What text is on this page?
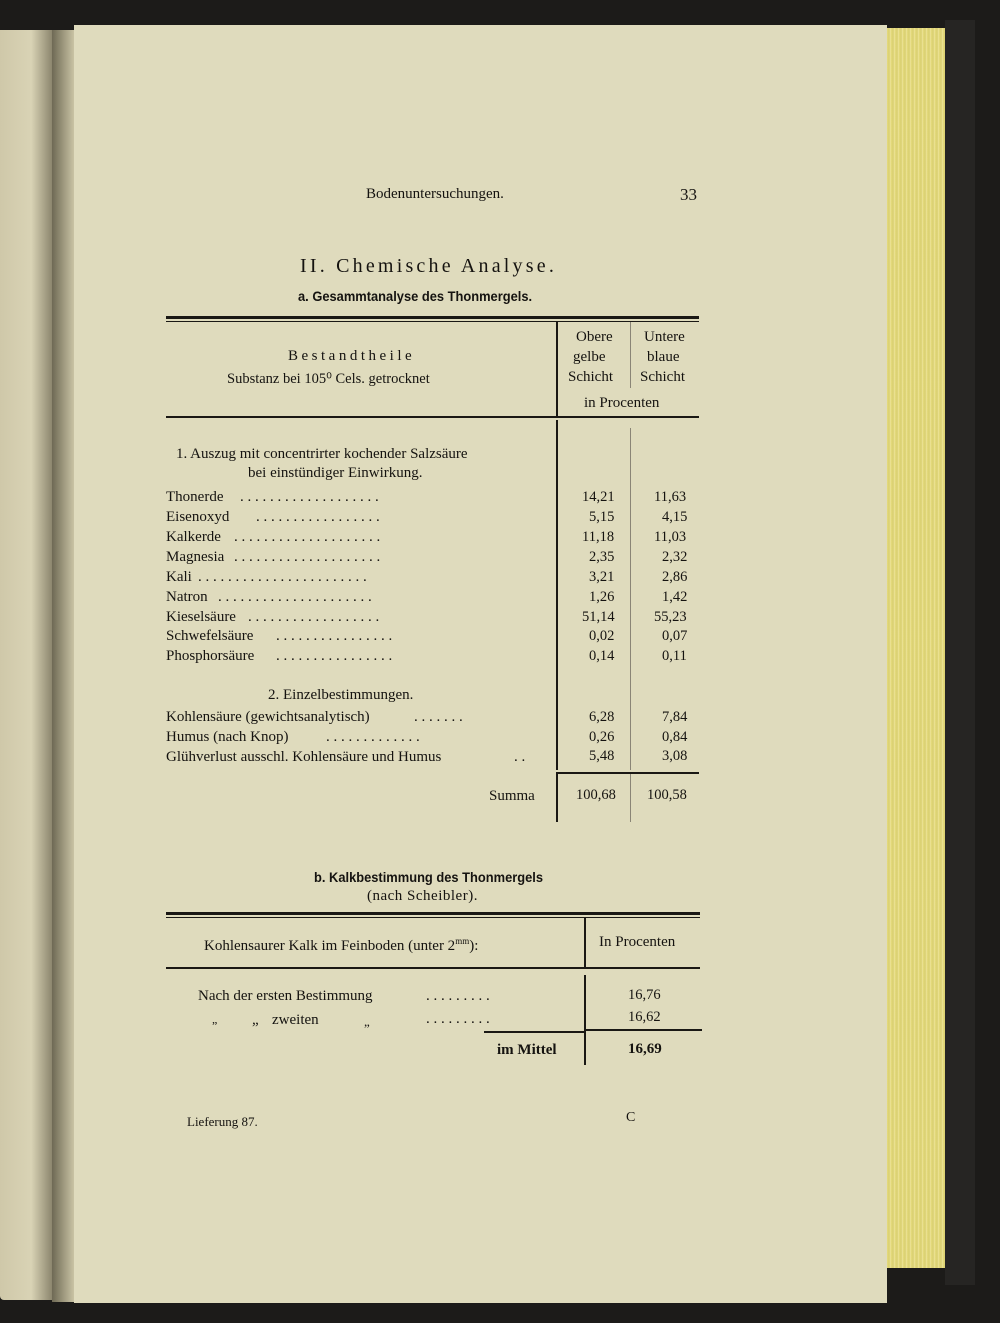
Bodenuntersuchungen.	33
II. Chemische Analyse.
a. Gesammtanalyse des Thonmergels.
Bestandtheile
Substanz bei 105⁰ Cels. getrocknet
Obere
gelbe
Schicht
Untere
blaue
Schicht
in Procenten
1. Auszug mit concentrirter kochender Salzsäure
bei einstündiger Einwirkung.
Thonerde . . . . . . . . . . . . . . . . . . .	14,21	11,63
Eisenoxyd . . . . . . . . . . . . . . . . .	5,15	4,15
Kalkerde . . . . . . . . . . . . . . . . . . . .	11,18	11,03
Magnesia . . . . . . . . . . . . . . . . . . . .	2,35	2,32
Kali . . . . . . . . . . . . . . . . . . . . . . .	3,21	2,86
Natron . . . . . . . . . . . . . . . . . . . . .	1,26	1,42
Kieselsäure . . . . . . . . . . . . . . . . . .	51,14	55,23
Schwefelsäure . . . . . . . . . . . . . . . .	0,02	0,07
Phosphorsäure . . . . . . . . . . . . . . . .	0,14	0,11
2. Einzelbestimmungen.
Kohlensäure (gewichtsanalytisch)	. . . . . . .	6,28	7,84
Humus (nach Knop)	. . . . . . . . . . . . .	0,26	0,84
Glühverlust ausschl. Kohlensäure und Humus	. .	5,48	3,08
Summa	100,68 100,58
b. Kalkbestimmung des Thonmergels
(nach Scheibler).
Kohlensaurer Kalk im Feinboden (unter $2^{mm}$):	In Procenten
Nach der ersten Bestimmung	. . . . . . . . .	16,76
„ „ zweiten	„	. . . . . . . . .	16,62
im Mittel	16,69
Lieferung 87.	C
